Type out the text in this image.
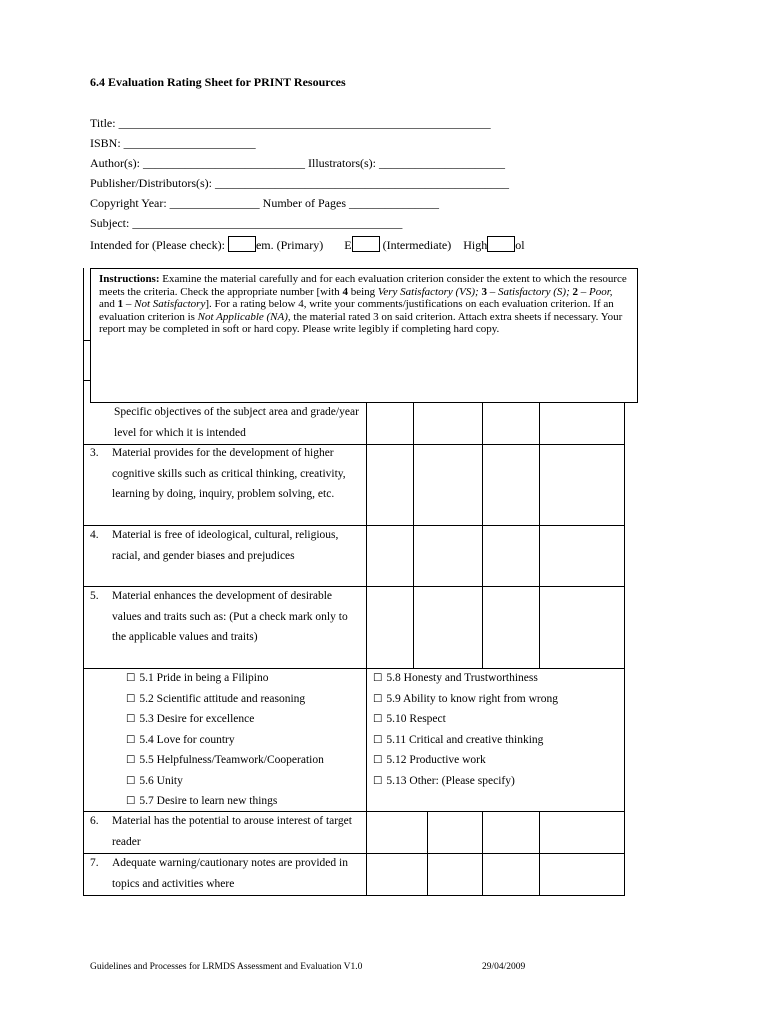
6.4 Evaluation Rating Sheet for PRINT Resources
Title: ______________________________________________________________
ISBN: ______________________
Author(s): ___________________________ Illustrators(s): _____________________
Publisher/Distributors(s): _________________________________________________
Copyright Year: _______________ Number of Pages _______________
Subject: _____________________________________________
Intended for (Please check):	em. (Primary) E	(Intermediate) High ol
Specific objectives of the subject area and grade/year level for which it is intended
3. Material provides for the development of higher cognitive skills such as critical thinking, creativity, learning by doing, inquiry, problem solving, etc.
4. Material is free of ideological, cultural, religious, racial, and gender biases and prejudices
5. Material enhances the development of desirable values and traits such as: (Put a check mark only to the applicable values and traits)
6. Material has the potential to arouse interest of target reader
7. Adequate warning/cautionary notes are provided in topics and activities where
☐ 5.1 Pride in being a Filipino
☐ 5.2 Scientific attitude and reasoning
☐ 5.3 Desire for excellence
☐ 5.4 Love for country
☐ 5.5 Helpfulness/Teamwork/Cooperation
☐ 5.6 Unity
☐ 5.7 Desire to learn new things
☐ 5.8 Honesty and Trustworthiness
☐ 5.9 Ability to know right from wrong
☐ 5.10 Respect
☐ 5.11 Critical and creative thinking
☐ 5.12 Productive work
☐ 5.13 Other: (Please specify)
Instructions: Examine the material carefully and for each evaluation criterion consider the extent to which the resource meets the criteria. Check the appropriate number [with 4 being Very Satisfactory (VS); 3 – Satisfactory (S); 2 – Poor, and 1 – Not Satisfactory]. For a rating below 4, write your comments/justifications on each evaluation criterion. If an evaluation criterion is Not Applicable (NA), the material rated 3 on said criterion. Attach extra sheets if necessary. Your report may be completed in soft or hard copy. Please write legibly if completing hard copy.
Guidelines and Processes for LRMDS Assessment and Evaluation V1.0	29/04/2009
